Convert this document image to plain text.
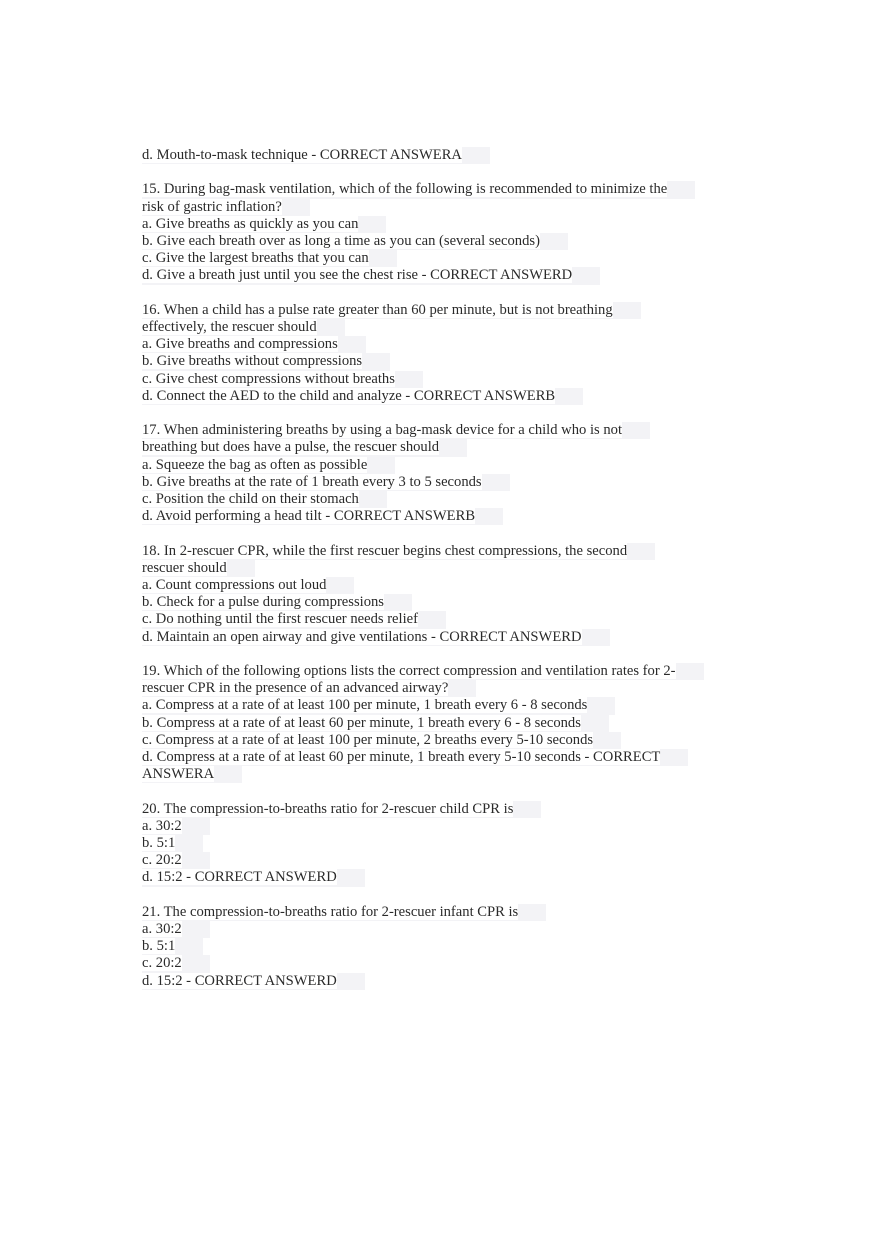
d. Mouth-to-mask technique - CORRECT ANSWERA
15. During bag-mask ventilation, which of the following is recommended to minimize the
risk of gastric inflation?
a. Give breaths as quickly as you can
b. Give each breath over as long a time as you can (several seconds)
c. Give the largest breaths that you can
d. Give a breath just until you see the chest rise - CORRECT ANSWERD
16. When a child has a pulse rate greater than 60 per minute, but is not breathing
effectively, the rescuer should
a. Give breaths and compressions
b. Give breaths without compressions
c. Give chest compressions without breaths
d. Connect the AED to the child and analyze - CORRECT ANSWERB
17. When administering breaths by using a bag-mask device for a child who is not
breathing but does have a pulse, the rescuer should
a. Squeeze the bag as often as possible
b. Give breaths at the rate of 1 breath every 3 to 5 seconds
c. Position the child on their stomach
d. Avoid performing a head tilt - CORRECT ANSWERB
18. In 2-rescuer CPR, while the first rescuer begins chest compressions, the second
rescuer should
a. Count compressions out loud
b. Check for a pulse during compressions
c. Do nothing until the first rescuer needs relief
d. Maintain an open airway and give ventilations - CORRECT ANSWERD
19. Which of the following options lists the correct compression and ventilation rates for 2-
rescuer CPR in the presence of an advanced airway?
a. Compress at a rate of at least 100 per minute, 1 breath every 6 - 8 seconds
b. Compress at a rate of at least 60 per minute, 1 breath every 6 - 8 seconds
c. Compress at a rate of at least 100 per minute, 2 breaths every 5-10 seconds
d. Compress at a rate of at least 60 per minute, 1 breath every 5-10 seconds - CORRECT
ANSWERA
20. The compression-to-breaths ratio for 2-rescuer child CPR is
a. 30:2
b. 5:1
c. 20:2
d. 15:2 - CORRECT ANSWERD
21. The compression-to-breaths ratio for 2-rescuer infant CPR is
a. 30:2
b. 5:1
c. 20:2
d. 15:2 - CORRECT ANSWERD
